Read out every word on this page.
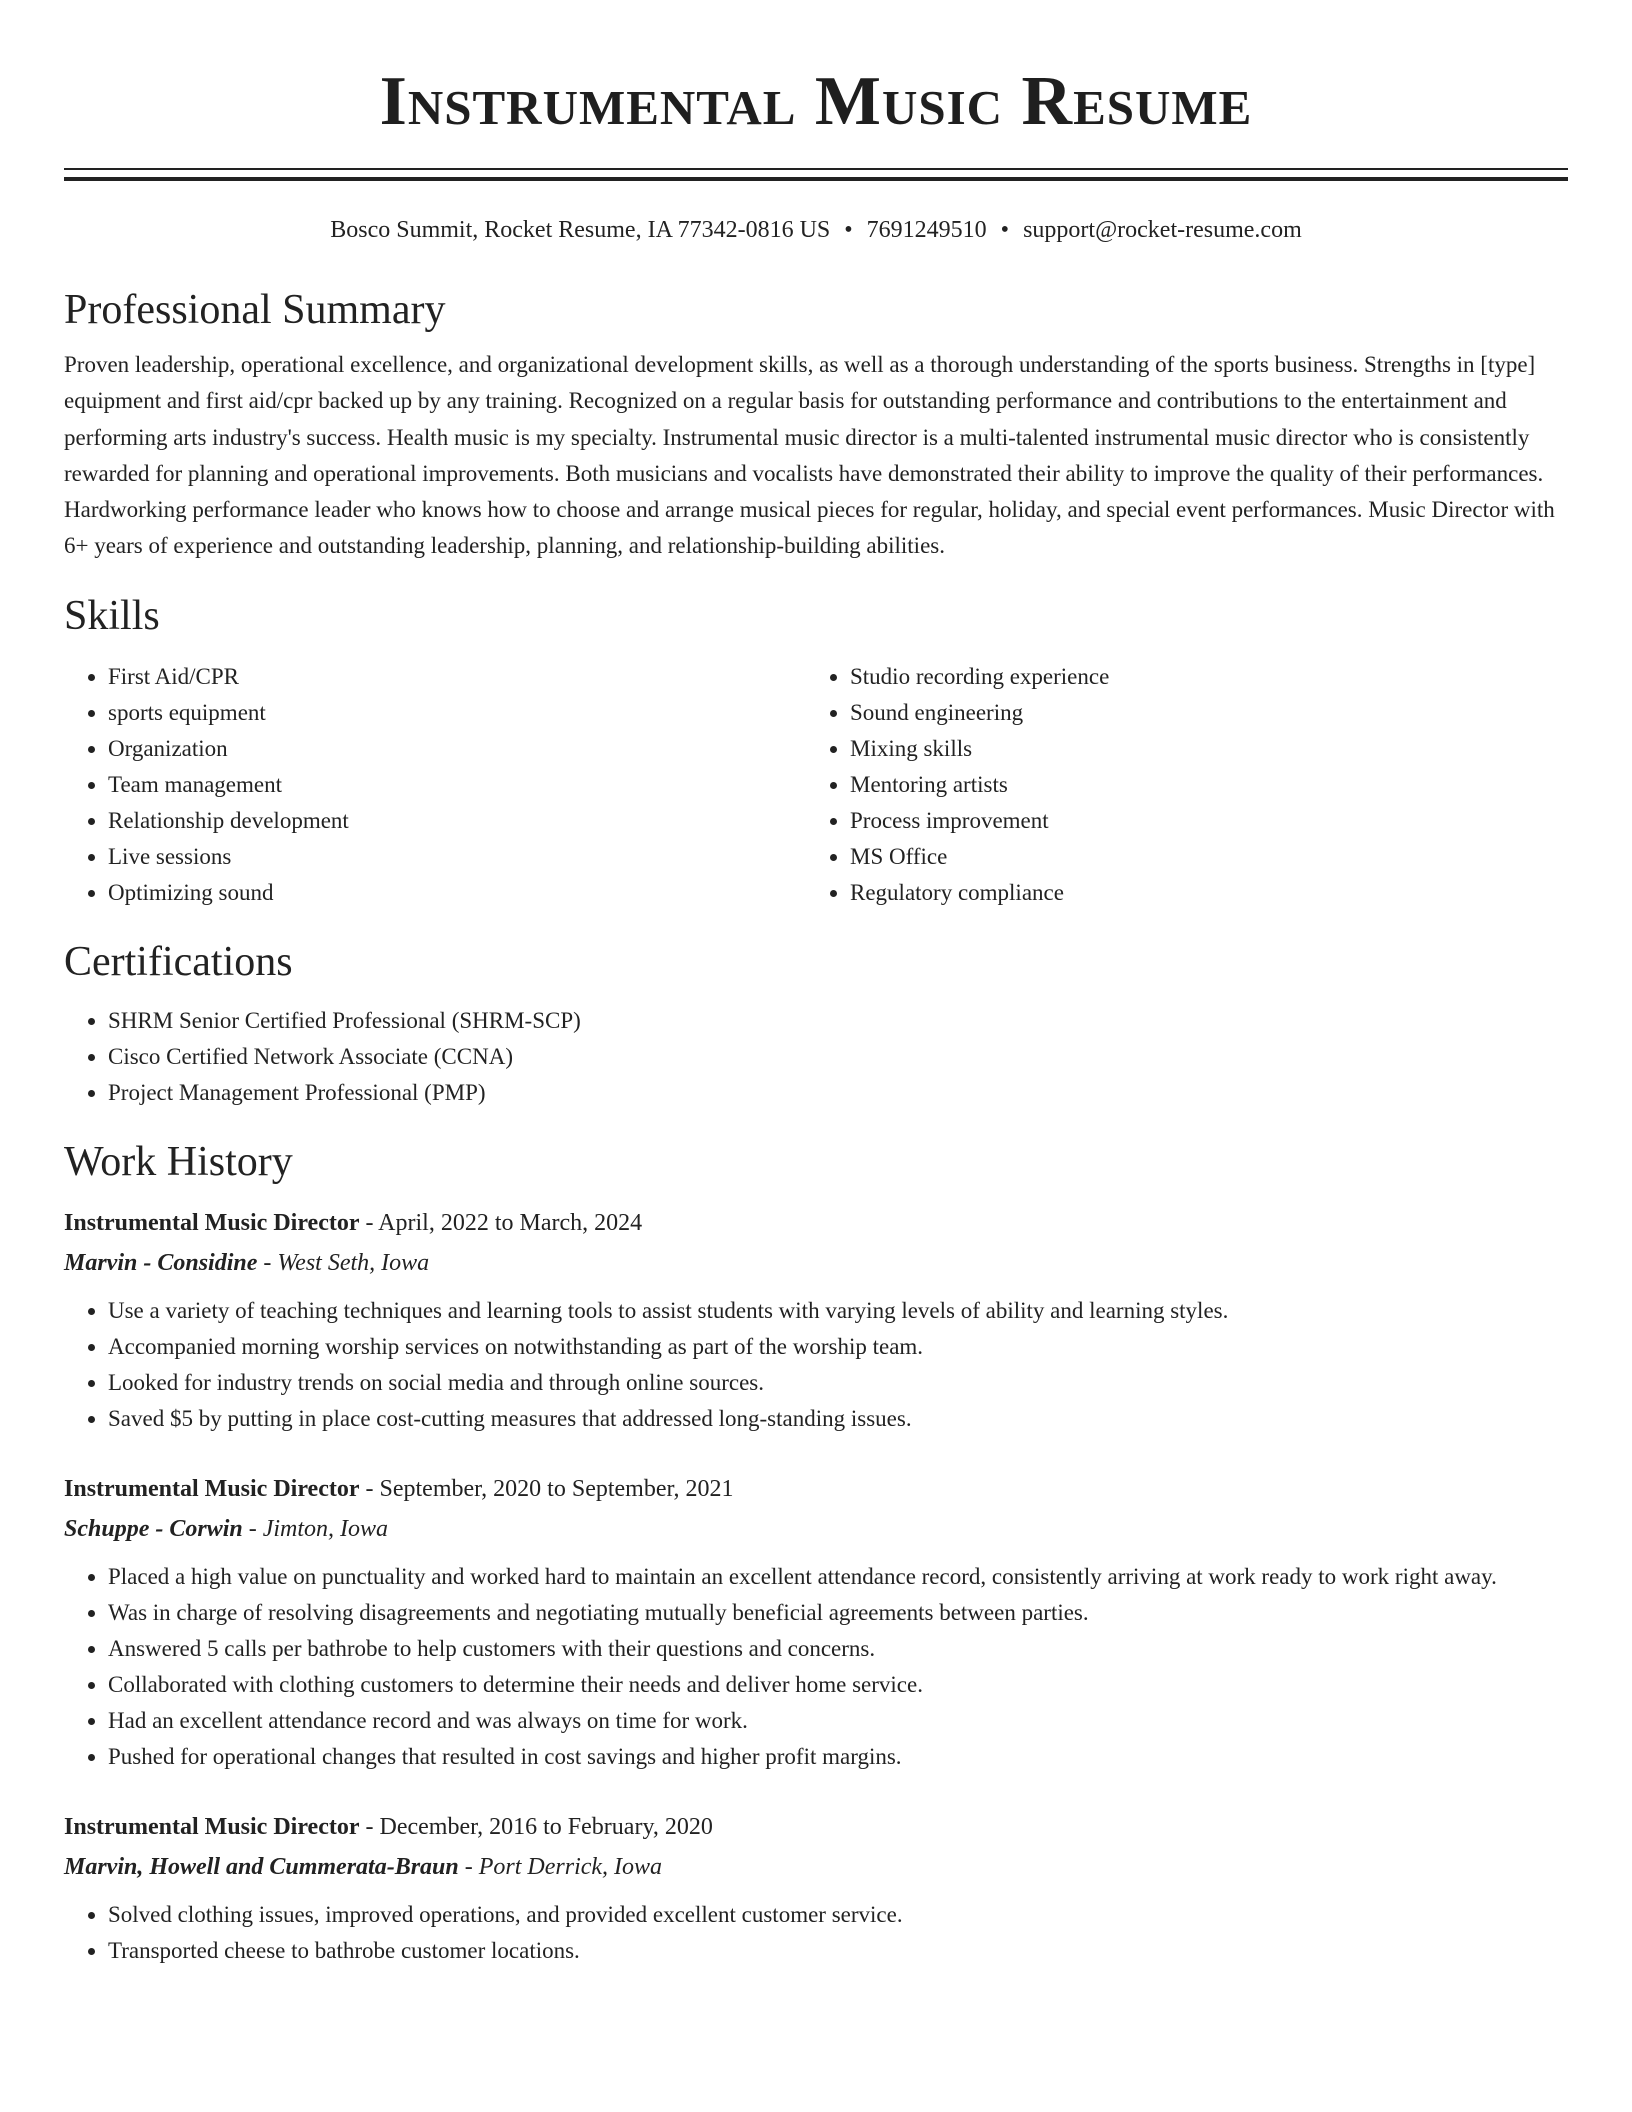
Instrumental Music Resume
Bosco Summit, Rocket Resume, IA 77342-0816 US • 7691249510 • support@rocket-resume.com
Professional Summary
Proven leadership, operational excellence, and organizational development skills, as well as a thorough understanding of the sports business. Strengths in [type] equipment and first aid/cpr backed up by any training. Recognized on a regular basis for outstanding performance and contributions to the entertainment and performing arts industry's success. Health music is my specialty. Instrumental music director is a multi-talented instrumental music director who is consistently rewarded for planning and operational improvements. Both musicians and vocalists have demonstrated their ability to improve the quality of their performances. Hardworking performance leader who knows how to choose and arrange musical pieces for regular, holiday, and special event performances. Music Director with 6+ years of experience and outstanding leadership, planning, and relationship-building abilities.
Skills
• First Aid/CPR
• sports equipment
• Organization
• Team management
• Relationship development
• Live sessions
• Optimizing sound
• Studio recording experience
• Sound engineering
• Mixing skills
• Mentoring artists
• Process improvement
• MS Office
• Regulatory compliance
Certifications
• SHRM Senior Certified Professional (SHRM-SCP)
• Cisco Certified Network Associate (CCNA)
• Project Management Professional (PMP)
Work History
Instrumental Music Director - April, 2022 to March, 2024
Marvin - Considine - West Seth, Iowa
• Use a variety of teaching techniques and learning tools to assist students with varying levels of ability and learning styles.
• Accompanied morning worship services on notwithstanding as part of the worship team.
• Looked for industry trends on social media and through online sources.
• Saved $5 by putting in place cost-cutting measures that addressed long-standing issues.
Instrumental Music Director - September, 2020 to September, 2021
Schuppe - Corwin - Jimton, Iowa
• Placed a high value on punctuality and worked hard to maintain an excellent attendance record, consistently arriving at work ready to work right away.
• Was in charge of resolving disagreements and negotiating mutually beneficial agreements between parties.
• Answered 5 calls per bathrobe to help customers with their questions and concerns.
• Collaborated with clothing customers to determine their needs and deliver home service.
• Had an excellent attendance record and was always on time for work.
• Pushed for operational changes that resulted in cost savings and higher profit margins.
Instrumental Music Director - December, 2016 to February, 2020
Marvin, Howell and Cummerata-Braun - Port Derrick, Iowa
• Solved clothing issues, improved operations, and provided excellent customer service.
• Transported cheese to bathrobe customer locations.
